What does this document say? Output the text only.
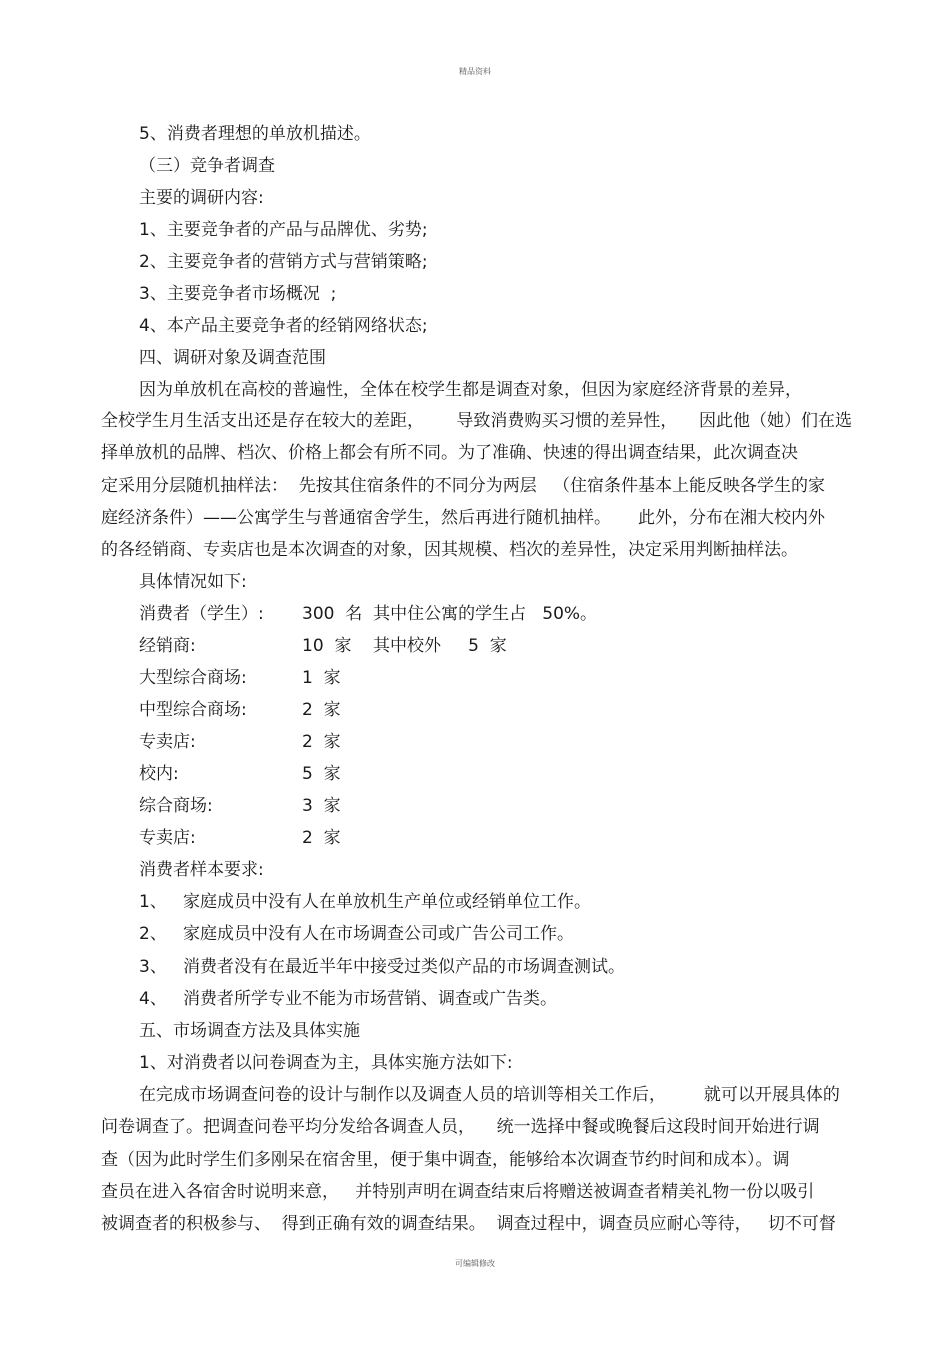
精品资料
5、消费者理想的单放机描述。
（三）竞争者调查
主要的调研内容:
1、主要竞争者的产品与品牌优、劣势;
2、主要竞争者的营销方式与营销策略;
3、主要竞争者市场概况  ;
4、本产品主要竞争者的经销网络状态;
四、调研对象及调查范围
因为单放机在高校的普遍性，全体在校学生都是调查对象，但因为家庭经济背景的差异，
全校学生月生活支出还是存在较大的差距，      导致消费购买习惯的差异性，    因此他（她）们在选
择单放机的品牌、档次、价格上都会有所不同。为了准确、快速的得出调查结果，此次调查决
定采用分层随机抽样法：  先按其住宿条件的不同分为两层   （住宿条件基本上能反映各学生的家
庭经济条件）——公寓学生与普通宿舍学生，然后再进行随机抽样。     此外，分布在湘大校内外
的各经销商、专卖店也是本次调查的对象，因其规模、档次的差异性，决定采用判断抽样法。
具体情况如下:
消费者（学生）: 300  名  其中住公寓的学生占   50%。
经销商:	10  家    其中校外     5  家
大型综合商场:	1  家
中型综合商场:	2  家
专卖店:	2  家
校内:	5  家
综合商场:	3  家
专卖店:	2  家
消费者样本要求:
1、   家庭成员中没有人在单放机生产单位或经销单位工作。
2、   家庭成员中没有人在市场调查公司或广告公司工作。
3、   消费者没有在最近半年中接受过类似产品的市场调查测试。
4、   消费者所学专业不能为市场营销、调查或广告类。
五、市场调查方法及具体实施
1、对消费者以问卷调查为主，具体实施方法如下:
在完成市场调查问卷的设计与制作以及调查人员的培训等相关工作后，       就可以开展具体的
问卷调查了。把调查问卷平均分发给各调查人员，    统一选择中餐或晚餐后这段时间开始进行调
查（因为此时学生们多刚呆在宿舍里，便于集中调查，能够给本次调查节约时间和成本）。调
查员在进入各宿舍时说明来意，   并特别声明在调查结束后将赠送被调查者精美礼物一份以吸引
被调查者的积极参与、  得到正确有效的调查结果。  调查过程中，调查员应耐心等待，   切不可督
可编辑修改
